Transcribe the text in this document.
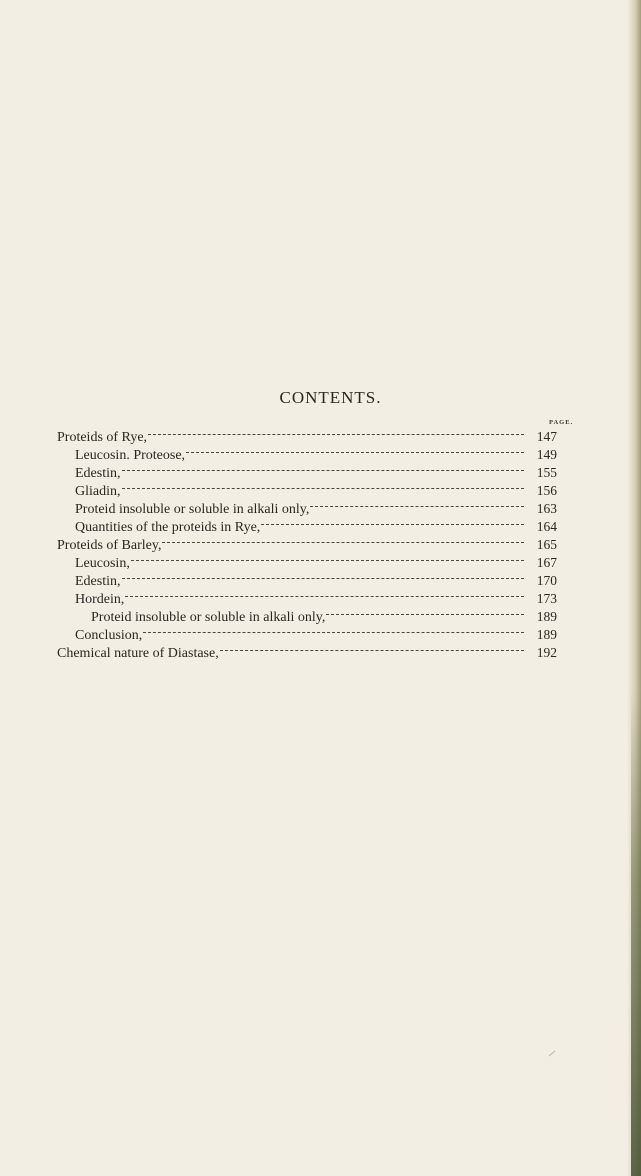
CONTENTS.
PAGE.
Proteids of Rye,	147
Leucosin. Proteose,	149
Edestin,	155
Gliadin,	156
Proteid insoluble or soluble in alkali only,	163
Quantities of the proteids in Rye,	164
Proteids of Barley,	165
Leucosin,	167
Edestin,	170
Hordein,	173
Proteid insoluble or soluble in alkali only,	189
Conclusion,	189
Chemical nature of Diastase,	192
